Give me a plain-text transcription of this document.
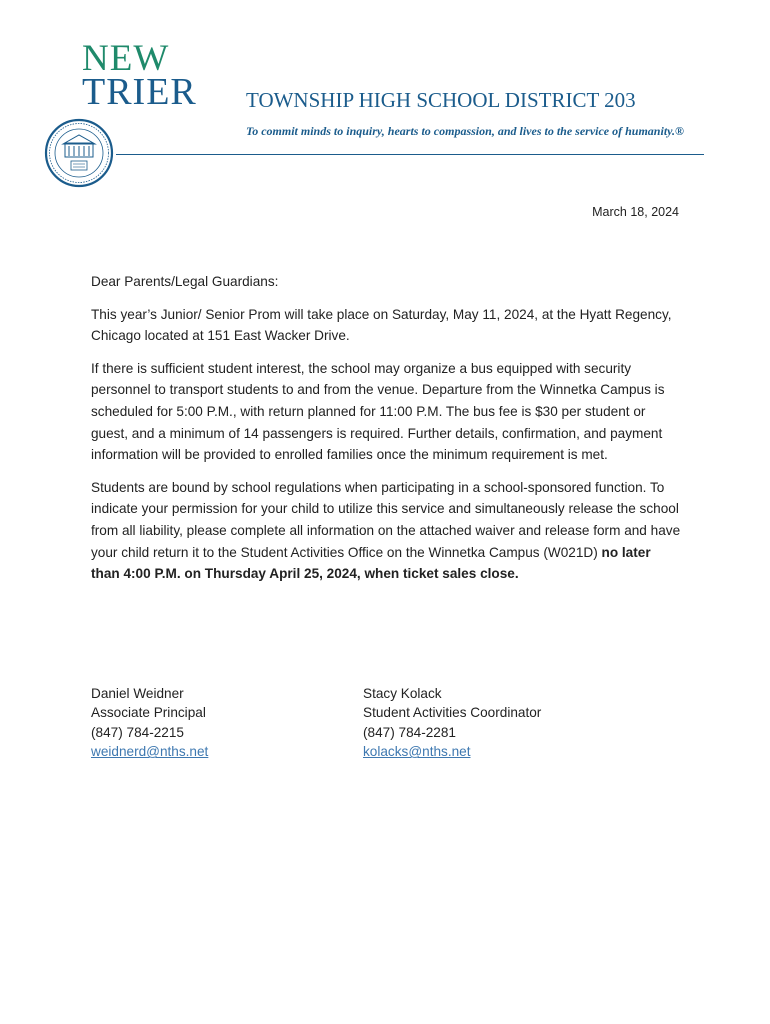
NEW
TRIER TOWNSHIP HIGH SCHOOL DISTRICT 203
To commit minds to inquiry, hearts to compassion, and lives to the service of humanity.®
March 18, 2024

Dear Parents/Legal Guardians:

This year’s Junior/ Senior Prom will take place on Saturday, May 11, 2024, at the Hyatt Regency, Chicago located at 151 East Wacker Drive.

If there is sufficient student interest, the school may organize a bus equipped with security personnel to transport students to and from the venue. Departure from the Winnetka Campus is scheduled for 5:00 P.M., with return planned for 11:00 P.M. The bus fee is $30 per student or guest, and a minimum of 14 passengers is required. Further details, confirmation, and payment information will be provided to enrolled families once the minimum requirement is met.

Students are bound by school regulations when participating in a school-sponsored function. To indicate your permission for your child to utilize this service and simultaneously release the school from all liability, please complete all information on the attached waiver and release form and have your child return it to the Student Activities Office on the Winnetka Campus (W021D) no later than 4:00 P.M. on Thursday April 25, 2024, when ticket sales close.

Daniel Weidner
Associate Principal
(847) 784-2215
weidnerd@nths.net
Stacy Kolack
Student Activities Coordinator
(847) 784-2281
kolacks@nths.net
